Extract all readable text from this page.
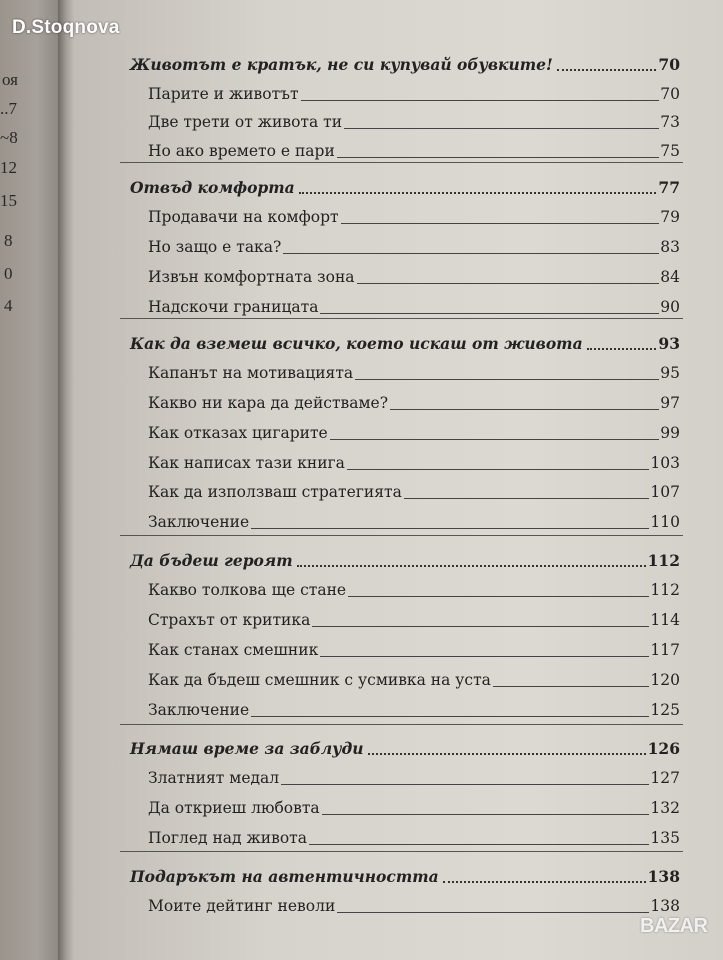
оя
..7
~8
12
15
8
0
4
Животът е кратък, не си купувай обувките!	70
Парите и животът	70
Две трети от живота ти	73
Но ако времето е пари	75
Отвъд комфорта	77
Продавачи на комфорт	79
Но защо е така?	83
Извън комфортната зона	84
Надскочи границата	90
Как да вземеш всичко, което искаш от живота	93
Капанът на мотивацията	95
Какво ни кара да действаме?	97
Как отказах цигарите	99
Как написах тази книга	103
Как да използваш стратегията	107
Заключение	110
Да бъдеш героят	112
Какво толкова ще стане	112
Страхът от критика	114
Как станах смешник	117
Как да бъдеш смешник с усмивка на уста	120
Заключение	125
Нямаш време за заблуди	126
Златният медал	127
Да откриеш любовта	132
Поглед над живота	135
Подаръкът на автентичността	138
Моите дейтинг неволи	138
D.Stoqnova
BAZAR
